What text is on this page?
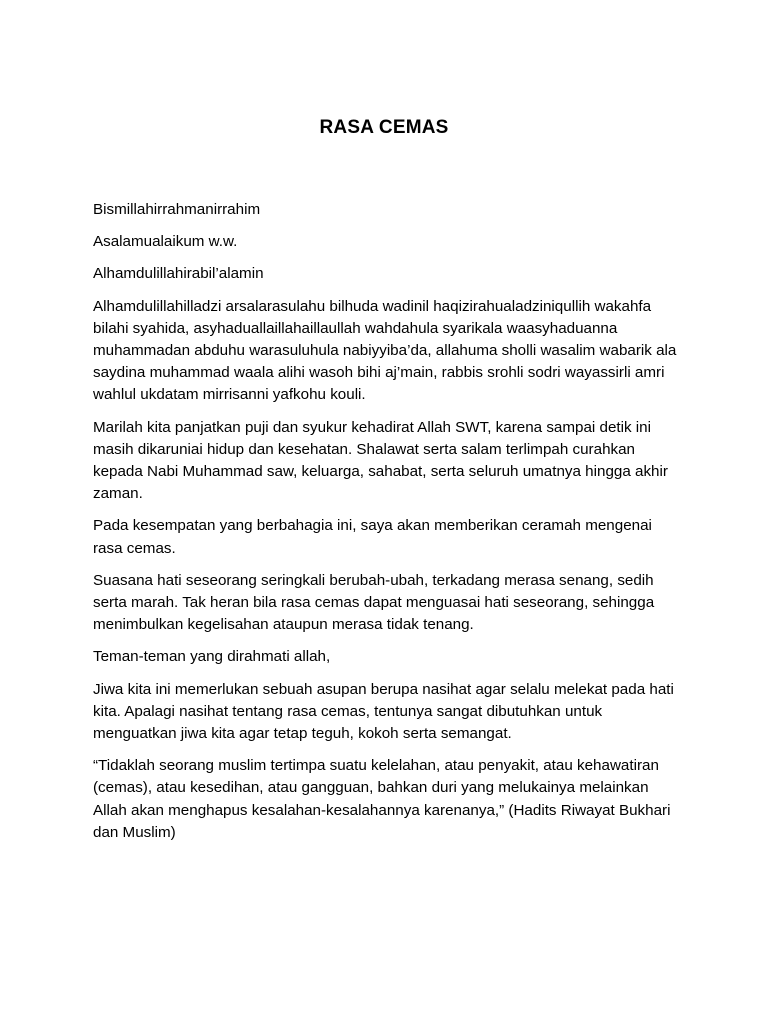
RASA CEMAS

Bismillahirrahmanirrahim

Asalamualaikum w.w.

Alhamdulillahirabil’alamin

Alhamdulillahilladzi arsalarasulahu bilhuda wadinil haqizirahualadziniqullih wakahfa bilahi syahida, asyhaduallaillahaillaullah wahdahula syarikala waasyhaduanna muhammadan abduhu warasuluhula nabiyyiba’da, allahuma sholli wasalim wabarik ala saydina muhammad waala alihi wasoh bihi aj’main, rabbis srohli sodri wayassirli amri wahlul ukdatam mirrisanni yafkohu kouli.

Marilah kita panjatkan puji dan syukur kehadirat Allah SWT, karena sampai detik ini masih dikaruniai hidup dan kesehatan. Shalawat serta salam terlimpah curahkan kepada Nabi Muhammad saw, keluarga, sahabat, serta seluruh umatnya hingga akhir zaman.

Pada kesempatan yang berbahagia ini, saya akan memberikan ceramah mengenai rasa cemas.

Suasana hati seseorang seringkali berubah-ubah, terkadang merasa senang, sedih serta marah. Tak heran bila rasa cemas dapat menguasai hati seseorang, sehingga menimbulkan kegelisahan ataupun merasa tidak tenang.

Teman-teman yang dirahmati allah,

Jiwa kita ini memerlukan sebuah asupan berupa nasihat agar selalu melekat pada hati kita. Apalagi nasihat tentang rasa cemas, tentunya sangat dibutuhkan untuk menguatkan jiwa kita agar tetap teguh, kokoh serta semangat.

“Tidaklah seorang muslim tertimpa suatu kelelahan, atau penyakit, atau kehawatiran (cemas), atau kesedihan, atau gangguan, bahkan duri yang melukainya melainkan Allah akan menghapus kesalahan-kesalahannya karenanya,” (Hadits Riwayat Bukhari dan Muslim)
